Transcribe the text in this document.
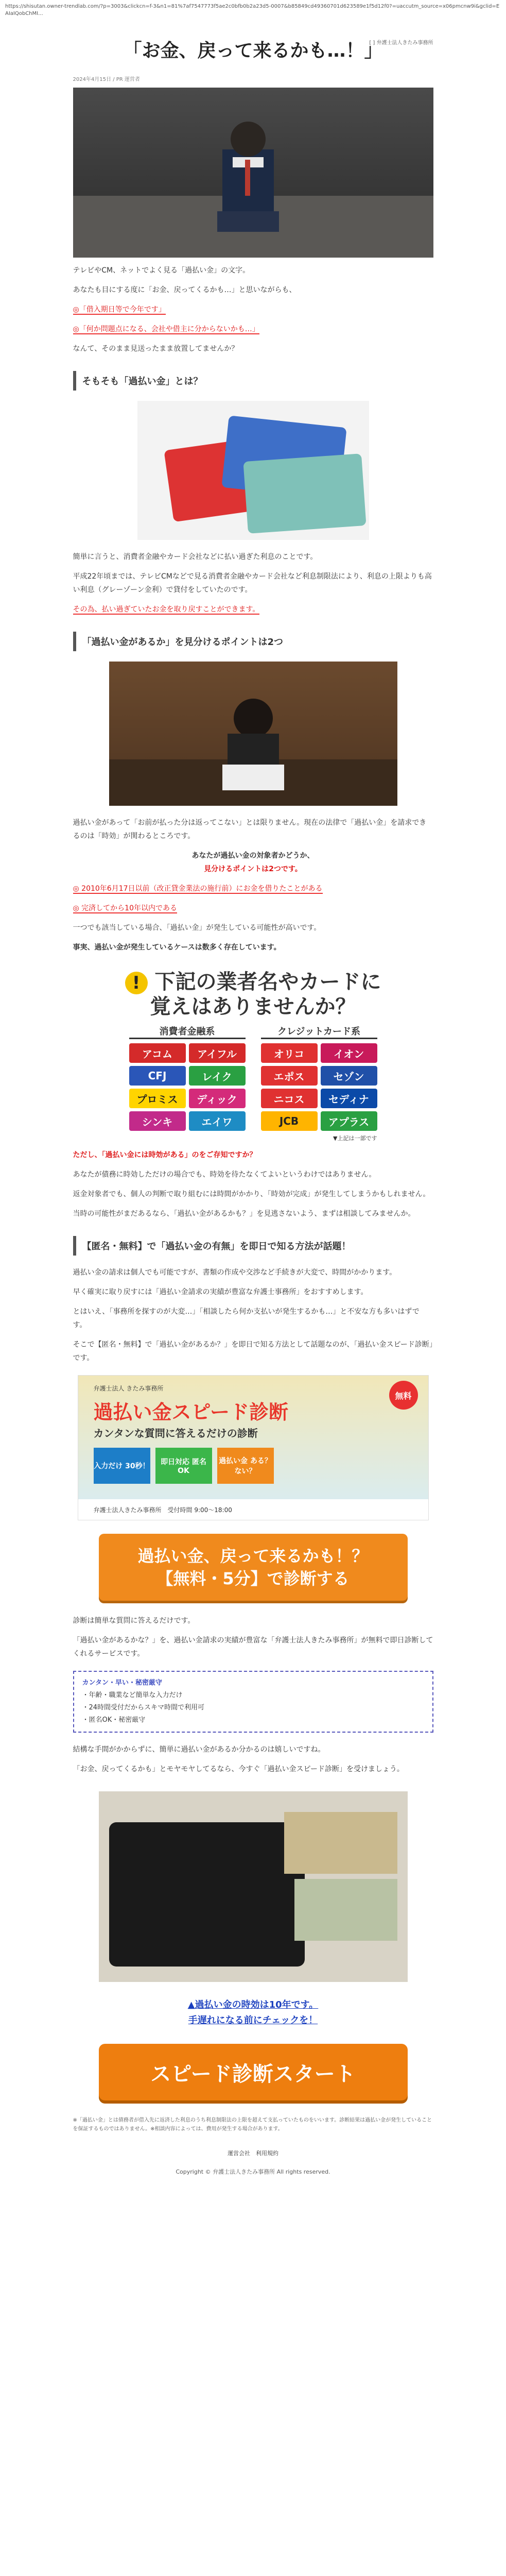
https://shisutan.owner-trendlab.com/?p=3003&clickcn=f-3&n1=81%7af7547773f5ae2c0bfb0b2a23d5-0007&b85849cd49360701d623589e1f5d12f0?=uaccutm_source=x06pmcnw9i&gclid=EAIaIQobChMI...
[ ] 弁護士法人きたみ事務所
「お金、戻って来るかも…！」
2024年4月15日 / PR 運営者

テレビやCM、ネットでよく見る「過払い金」の文字。

あなたも目にする度に「お金、戻ってくるかも…」と思いながらも、

◎「借入期日等で今年です」

◎「何か問題点になる、会社や借主に分からないかも…」

なんて、そのまま見送ったまま放置してませんか？

そもそも「過払い金」とは？

簡単に言うと、消費者金融やカード会社などに払い過ぎた利息のことです。

平成22年頃までは、テレビCMなどで見る消費者金融やカード会社など利息制限法により、利息の上限よりも高い利息（グレーゾーン金利）で貸付をしていたのです。

その為、払い過ぎていたお金を取り戻すことができます。

「過払い金があるか」を見分けるポイントは2つ

過払い金があって「お前が払った分は返ってこない」とは限りません。現在の法律で「過払い金」を請求できるのは「時効」が関わるところです。

あなたが過払い金の対象者かどうか、

見分けるポイントは2つです。

◎ 2010年6月17日以前（改正貸金業法の施行前）にお金を借りたことがある

◎ 完済してから10年以内である

一つでも該当している場合、「過払い金」が発生している可能性が高いです。

事実、過払い金が発生しているケースは数多く存在しています。

! 下記の業者名やカードに
覚えはありませんか？
消費者金融系
アコム	アイフル
CFJ	レイク
プロミス	ディック
シンキ	エイワ
クレジットカード系
オリコ	イオン
エポス	セゾン
ニコス	セディナ
JCB	アプラス
▼上記は一部です

ただし、「過払い金には時効がある」のをご存知ですか？

あなたが債務に時効しただけの場合でも、時効を待たなくてよいというわけではありません。

返金対象者でも、個人の判断で取り組むには時間がかかり、「時効が完成」が発生してしまうかもしれません。

当時の可能性がまだあるなら、「過払い金があるかも？」を見逃さないよう、まずは相談してみませんか。

【匿名・無料】で「過払い金の有無」を即日で知る方法が話題！

過払い金の請求は個人でも可能ですが、書類の作成や交渉など手続きが大変で、時間がかかります。

早く確実に取り戻すには「過払い金請求の実績が豊富な弁護士事務所」をおすすめします。

とはいえ、「事務所を探すのが大変…」「相談したら何か支払いが発生するかも…」と不安な方も多いはずです。

そこで【匿名・無料】で「過払い金があるか？」を即日で知る方法として話題なのが、「過払い金スピード診断」です。

無料
弁護士法人 きたみ事務所
過払い金スピード診断
カンタンな質問に答えるだけの診断
入力だけ 30秒！	即日対応 匿名OK
過払い金 ある？ ない？
弁護士法人きたみ事務所　受付時間 9:00〜18:00
過払い金、戻って来るかも！？
【無料・5分】で診断する

診断は簡単な質問に答えるだけです。

「過払い金があるかな？」を、過払い金請求の実績が豊富な「弁護士法人きたみ事務所」が無料で即日診断してくれるサービスです。

カンタン・早い・秘密厳守
・年齢・職業など簡単な入力だけ
・24時間受付だからスキマ時間で利用可
・匿名OK・秘密厳守

結構な手間がかからずに、簡単に過払い金があるか分かるのは嬉しいですね。

「お金、戻ってくるかも」とモヤモヤしてるなら、今すぐ「過払い金スピード診断」を受けましょう。

▲過払い金の時効は10年です。
手遅れになる前にチェックを！
スピード診断スタート
※「過払い金」とは債務者が借入先に返済した利息のうち利息制限法の上限を超えて支払っていたものをいいます。診断結果は過払い金が発生していることを保証するものではありません。※相談内容によっては、費用が発生する場合があります。
運営会社　利用規約
Copyright © 弁護士法人きたみ事務所 All rights reserved.
